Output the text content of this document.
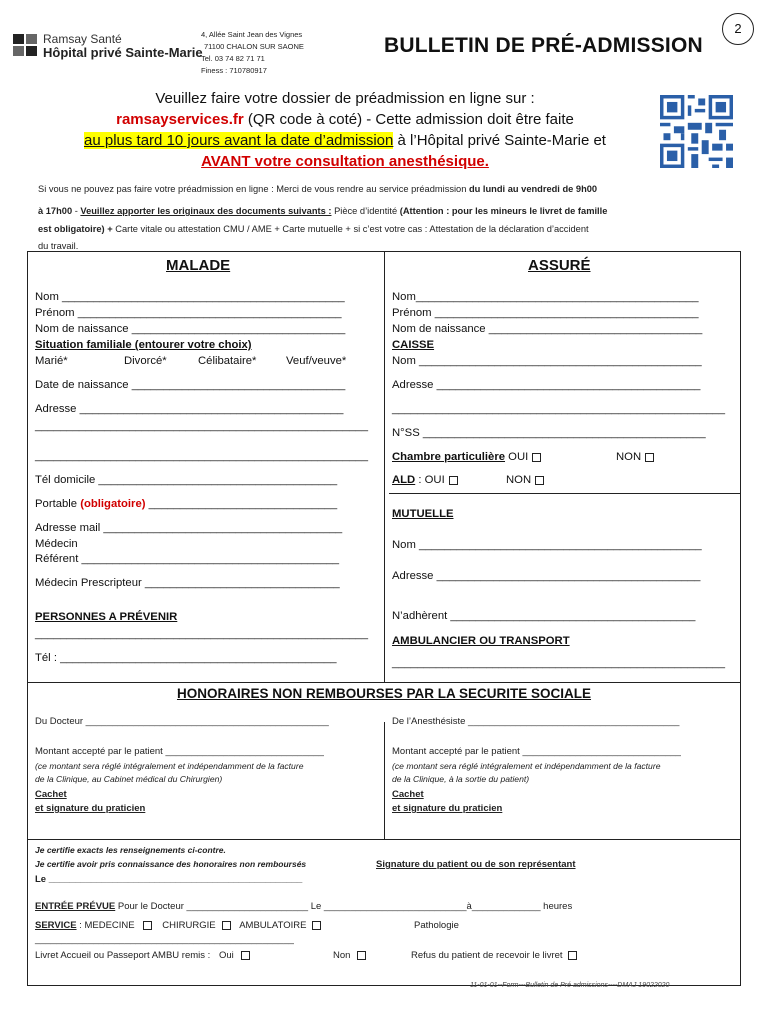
Ramsay Santé
Hôpital privé Sainte-Marie
4, Allée Saint Jean des Vignes
71100 CHALON SUR SAONE
Tel. 03 74 82 71 71
Finess : 710780917
2
BULLETIN DE PRÉ-ADMISSION
Veuillez faire votre dossier de préadmission en ligne sur :
ramsayservices.fr (QR code à coté) - Cette admission doit être faite
au plus tard 10 jours avant la date d’admission à l’Hôpital privé Sainte-Marie et
AVANT votre consultation anesthésique.
Si vous ne pouvez pas faire votre préadmission en ligne : Merci de vous rendre au service préadmission du lundi au vendredi de 9h00
à 17h00 - Veuillez apporter les originaux des documents suivants : Pièce d’identité (Attention : pour les mineurs le livret de famille
est obligatoire) + Carte vitale ou attestation CMU / AME + Carte mutuelle + si c’est votre cas : Attestation de la déclaration d’accident
du travail.
MALADE
Nom _____________________________________________
Prénom __________________________________________
Nom de naissance __________________________________
Situation familiale (entourer votre choix)
Marié*	Divorcé*	Célibataire*	Veuf/veuve*
Date de naissance __________________________________
Adresse __________________________________________
_____________________________________________________
_____________________________________________________
Tél domicile ______________________________________
Portable (obligatoire) ______________________________
Adresse mail ______________________________________
Médecin
Référent _________________________________________
Médecin Prescripteur _______________________________
PERSONNES A PRÉVENIR
_____________________________________________________
Tél : ____________________________________________
ASSURÉ
Nom_____________________________________________
Prénom __________________________________________
Nom de naissance __________________________________
CAISSE
Nom _____________________________________________
Adresse __________________________________________
_____________________________________________________
N°SS _____________________________________________
Chambre particulière OUI	NON
ALD : OUI	NON
MUTUELLE
Nom _____________________________________________
Adresse __________________________________________
N’adhèrent _______________________________________
AMBULANCIER OU TRANSPORT
_____________________________________________________
HONORAIRES NON REMBOURSES PAR LA SECURITE SOCIALE
Du Docteur ______________________________________________	De l’Anesthésiste ________________________________________
Montant accepté par le patient ______________________________	Montant accepté par le patient ______________________________
(ce montant sera réglé intégralement et indépendamment de la facture
de la Clinique, au Cabinet médical du Chirurgien)
(ce montant sera réglé intégralement et indépendamment de la facture
de la Clinique, à la sortie du patient)
Cachet
et signature du praticien
Cachet
et signature du praticien
Je certifie exacts les renseignements ci-contre.
Je certifie avoir pris connaissance des honoraires non remboursés
Le ________________________________________________
Signature du patient ou de son représentant
ENTRÉE PRÉVUE Pour le Docteur _______________________ Le ___________________________à_____________ heures
SERVICE : MEDECINE	CHIRURGIE AMBULATOIRE	Pathologie
_________________________________________________
Livret Accueil ou Passeport AMBU remis : Oui	Non	Refus du patient de recevoir le livret
11-01-01--Form---Bulletin de Pré admissions----DMAJ 19022020
